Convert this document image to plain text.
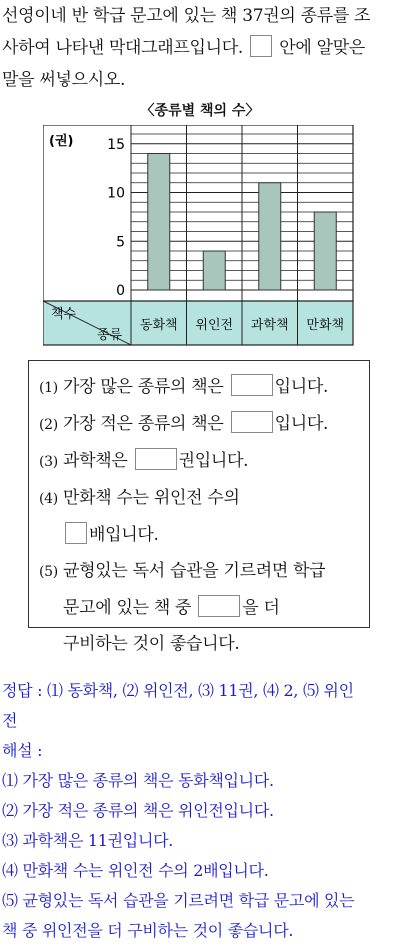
선영이네 반 학급 문고에 있는 책 37권의 종류를 조
사하여 나타낸 막대그래프입니다. 안에 알맞은
말을 써넣으시오.
〈종류별 책의 수〉
0
5
10
15
동화책 위인전 과학책 만화책
(권)
책수
종류
(1) 가장 많은 종류의 책은	입니다.
(2) 가장 적은 종류의 책은	입니다.
(3) 과학책은	권입니다.
(4) 만화책 수는 위인전 수의
배입니다.
(5) 균형있는 독서 습관을 기르려면 학급
문고에 있는 책 중	을 더
구비하는 것이 좋습니다.
정답 : ⑴ 동화책, ⑵ 위인전, ⑶ 11권, ⑷ 2, ⑸ 위인
전
해설 :
⑴ 가장 많은 종류의 책은 동화책입니다.
⑵ 가장 적은 종류의 책은 위인전입니다.
⑶ 과학책은 11권입니다.
⑷ 만화책 수는 위인전 수의 2배입니다.
⑸ 균형있는 독서 습관을 기르려면 학급 문고에 있는
책 중 위인전을 더 구비하는 것이 좋습니다.
